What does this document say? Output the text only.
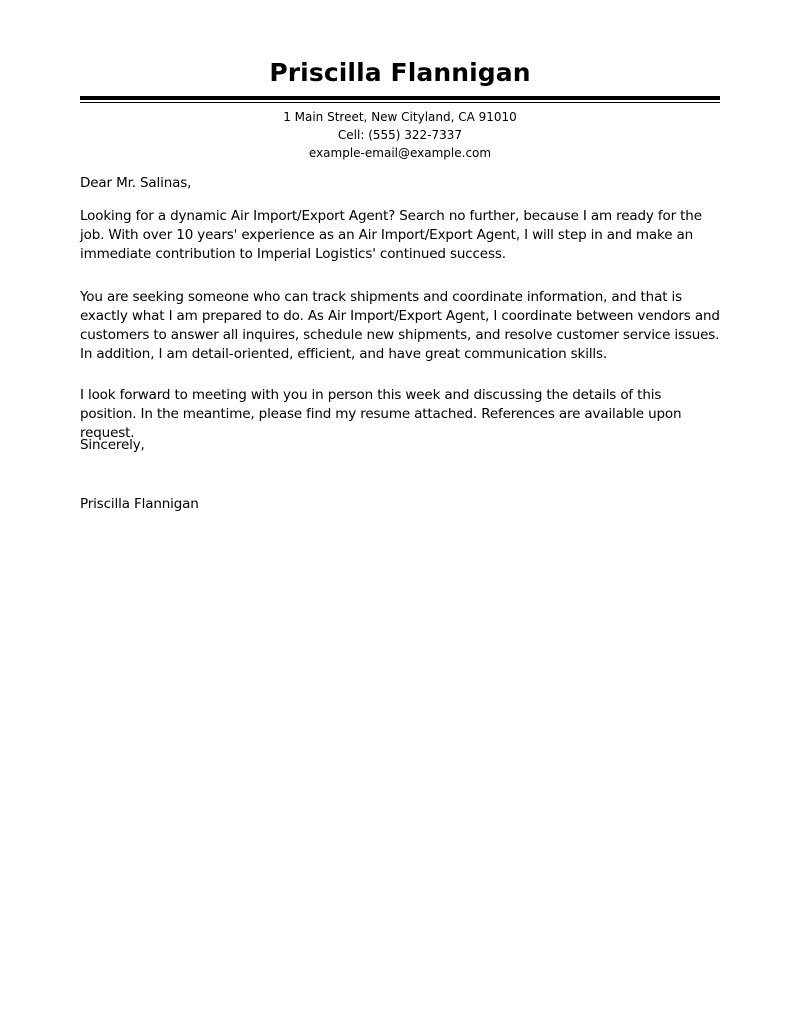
Priscilla Flannigan
1 Main Street, New Cityland, CA 91010
Cell: (555) 322-7337
example-email@example.com

Dear Mr. Salinas,

Looking for a dynamic Air Import/Export Agent? Search no further, because I am ready for the job. With over 10 years' experience as an Air Import/Export Agent, I will step in and make an immediate contribution to Imperial Logistics' continued success.

You are seeking someone who can track shipments and coordinate information, and that is exactly what I am prepared to do. As Air Import/Export Agent, I coordinate between vendors and customers to answer all inquires, schedule new shipments, and resolve customer service issues. In addition, I am detail-oriented, efficient, and have great communication skills.

I look forward to meeting with you in person this week and discussing the details of this position. In the meantime, please find my resume attached. References are available upon request.

Sincerely,

Priscilla Flannigan
